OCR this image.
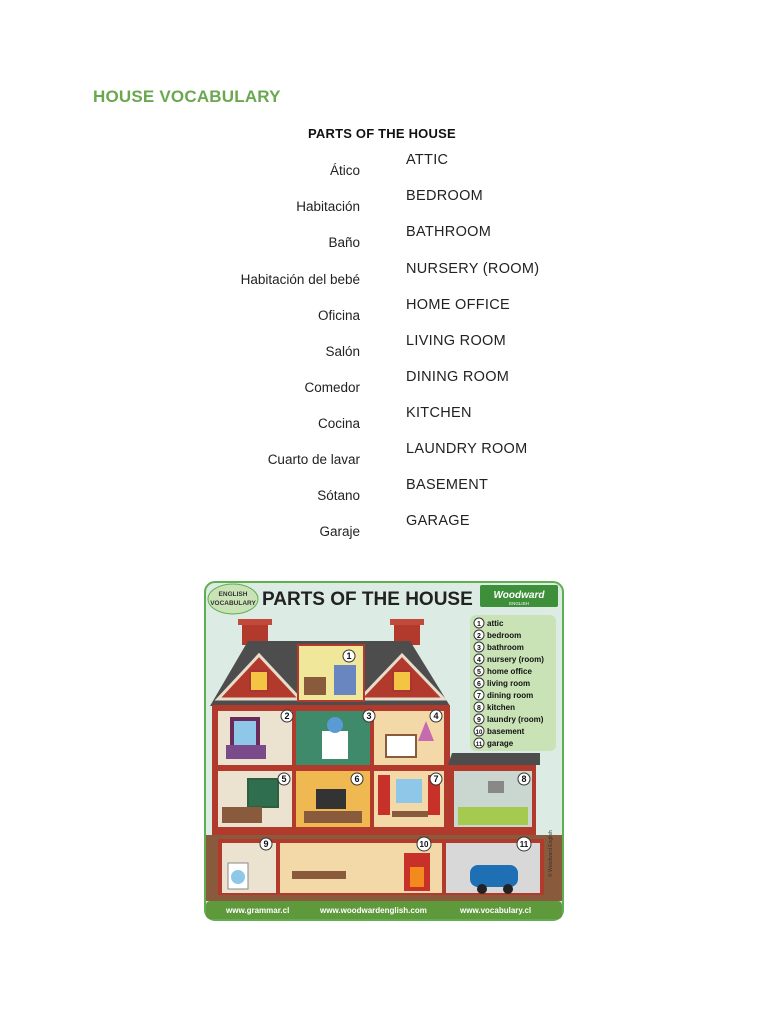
HOUSE VOCABULARY
PARTS OF THE HOUSE
Ático
ATTIC
Habitación
BEDROOM
Baño
BATHROOM
Habitación del bebé
NURSERY (ROOM)
Oficina
HOME OFFICE
Salón
LIVING ROOM
Comedor
DINING ROOM
Cocina
KITCHEN
Cuarto de lavar
LAUNDRY ROOM
Sótano
BASEMENT
Garaje
GARAGE
ENGLISH
VOCABULARY PARTS OF THE HOUSE Woodward
ENGLISH
1
2	3	4
5	6	7	8
9	10	11
1 attic
2 bedroom
3 bathroom
4 nursery (room)
5 home office
6 living room
7 dining room
8 kitchen
9 laundry (room)
10 basement
11 garage
© Woodward English
www.grammar.cl	www.woodwardenglish.com	www.vocabulary.cl
